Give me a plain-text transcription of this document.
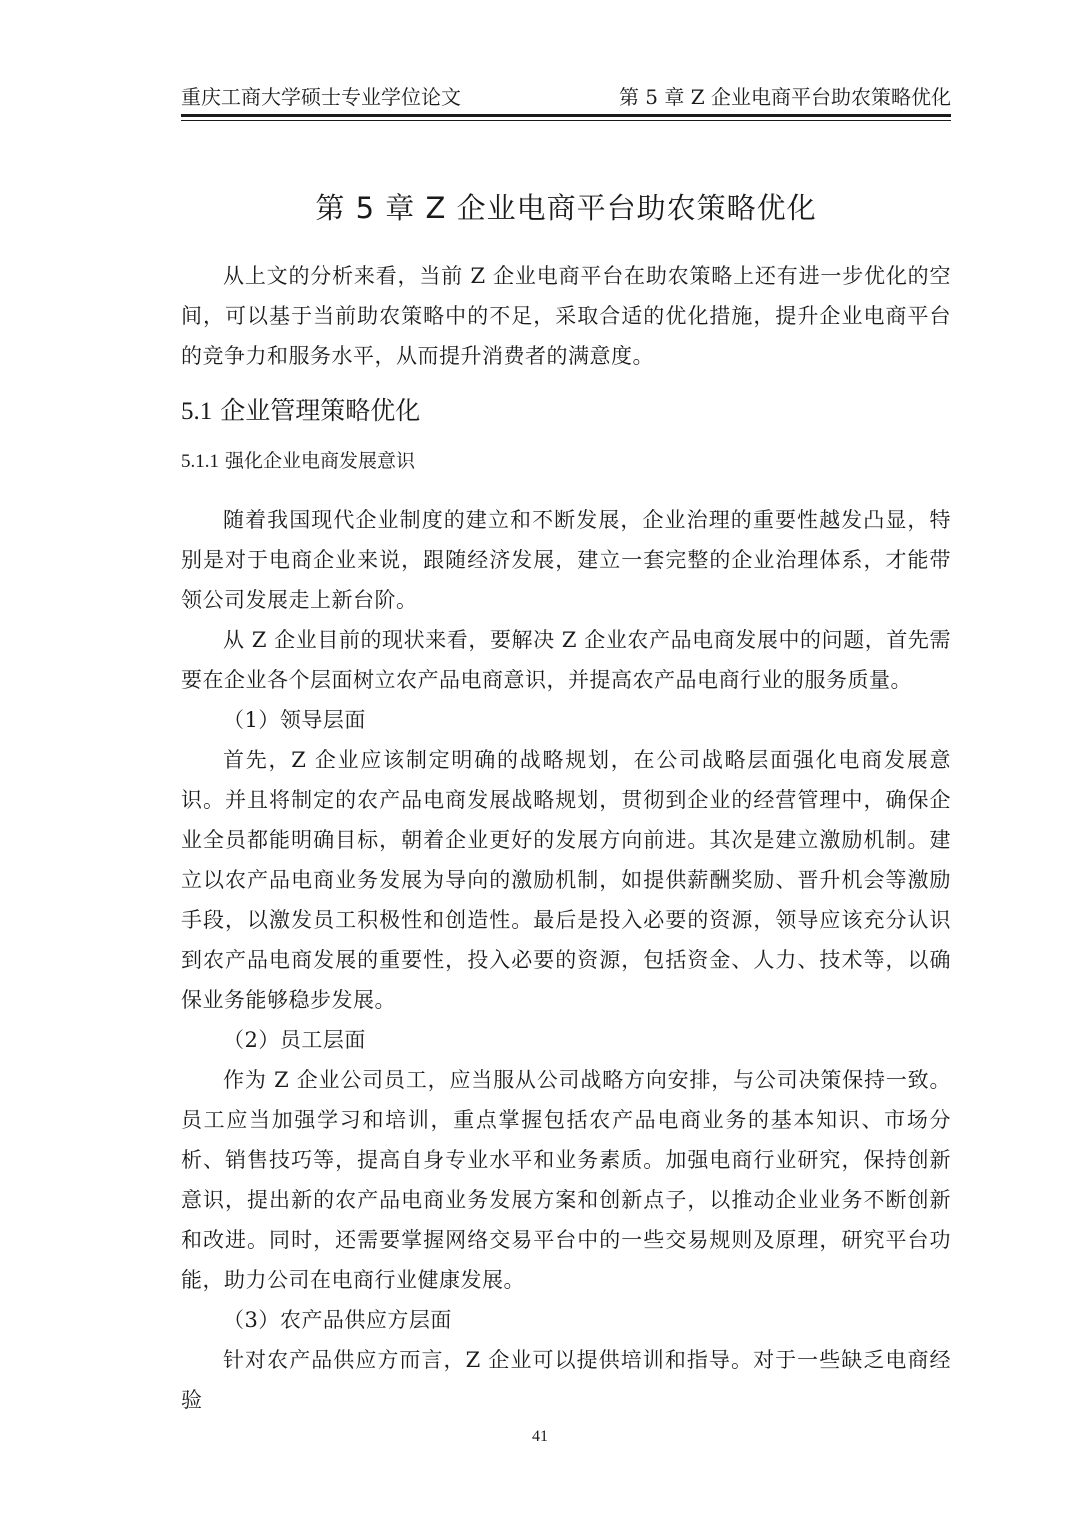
重庆工商大学硕士专业学位论文	第 5 章 Z 企业电商平台助农策略优化
第 5 章 Z 企业电商平台助农策略优化

从上文的分析来看，当前 Z 企业电商平台在助农策略上还有进一步优化的空间，可以基于当前助农策略中的不足，采取合适的优化措施，提升企业电商平台的竞争力和服务水平，从而提升消费者的满意度。

5.1 企业管理策略优化
5.1.1 强化企业电商发展意识

随着我国现代企业制度的建立和不断发展，企业治理的重要性越发凸显，特别是对于电商企业来说，跟随经济发展，建立一套完整的企业治理体系，才能带领公司发展走上新台阶。

从 Z 企业目前的现状来看，要解决 Z 企业农产品电商发展中的问题，首先需要在企业各个层面树立农产品电商意识，并提高农产品电商行业的服务质量。

（1）领导层面

首先，Z 企业应该制定明确的战略规划，在公司战略层面强化电商发展意识。并且将制定的农产品电商发展战略规划，贯彻到企业的经营管理中，确保企业全员都能明确目标，朝着企业更好的发展方向前进。其次是建立激励机制。建立以农产品电商业务发展为导向的激励机制，如提供薪酬奖励、晋升机会等激励手段，以激发员工积极性和创造性。最后是投入必要的资源，领导应该充分认识到农产品电商发展的重要性，投入必要的资源，包括资金、人力、技术等，以确保业务能够稳步发展。

（2）员工层面

作为 Z 企业公司员工，应当服从公司战略方向安排，与公司决策保持一致。员工应当加强学习和培训，重点掌握包括农产品电商业务的基本知识、市场分析、销售技巧等，提高自身专业水平和业务素质。加强电商行业研究，保持创新意识，提出新的农产品电商业务发展方案和创新点子，以推动企业业务不断创新和改进。同时，还需要掌握网络交易平台中的一些交易规则及原理，研究平台功能，助力公司在电商行业健康发展。

（3）农产品供应方层面

针对农产品供应方而言，Z 企业可以提供培训和指导。对于一些缺乏电商经验

41
